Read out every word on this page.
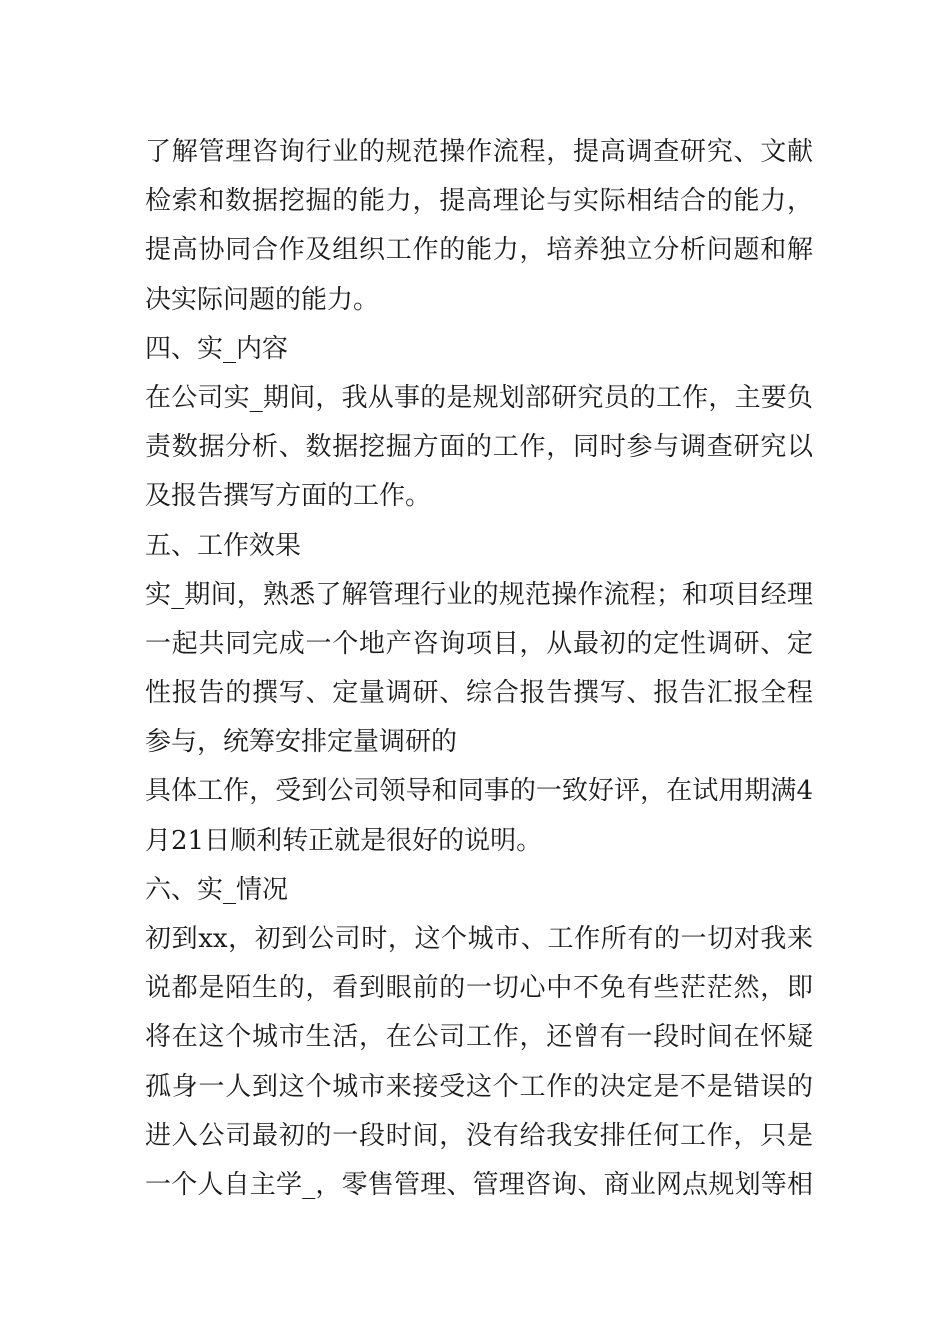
了解管理咨询行业的规范操作流程，提高调查研究、文献
检索和数据挖掘的能力，提高理论与实际相结合的能力，
提高协同合作及组织工作的能力，培养独立分析问题和解
决实际问题的能力。
四、实_内容
在公司实_期间，我从事的是规划部研究员的工作，主要负
责数据分析、数据挖掘方面的工作，同时参与调查研究以
及报告撰写方面的工作。
五、工作效果
实_期间，熟悉了解管理行业的规范操作流程；和项目经理
一起共同完成一个地产咨询项目，从最初的定性调研、定
性报告的撰写、定量调研、综合报告撰写、报告汇报全程
参与，统筹安排定量调研的
具体工作，受到公司领导和同事的一致好评，在试用期满4
月21日顺利转正就是很好的说明。
六、实_情况
初到xx，初到公司时，这个城市、工作所有的一切对我来
说都是陌生的，看到眼前的一切心中不免有些茫茫然，即
将在这个城市生活，在公司工作，还曾有一段时间在怀疑
孤身一人到这个城市来接受这个工作的决定是不是错误的
进入公司最初的一段时间，没有给我安排任何工作，只是
一个人自主学_，零售管理、管理咨询、商业网点规划等相
